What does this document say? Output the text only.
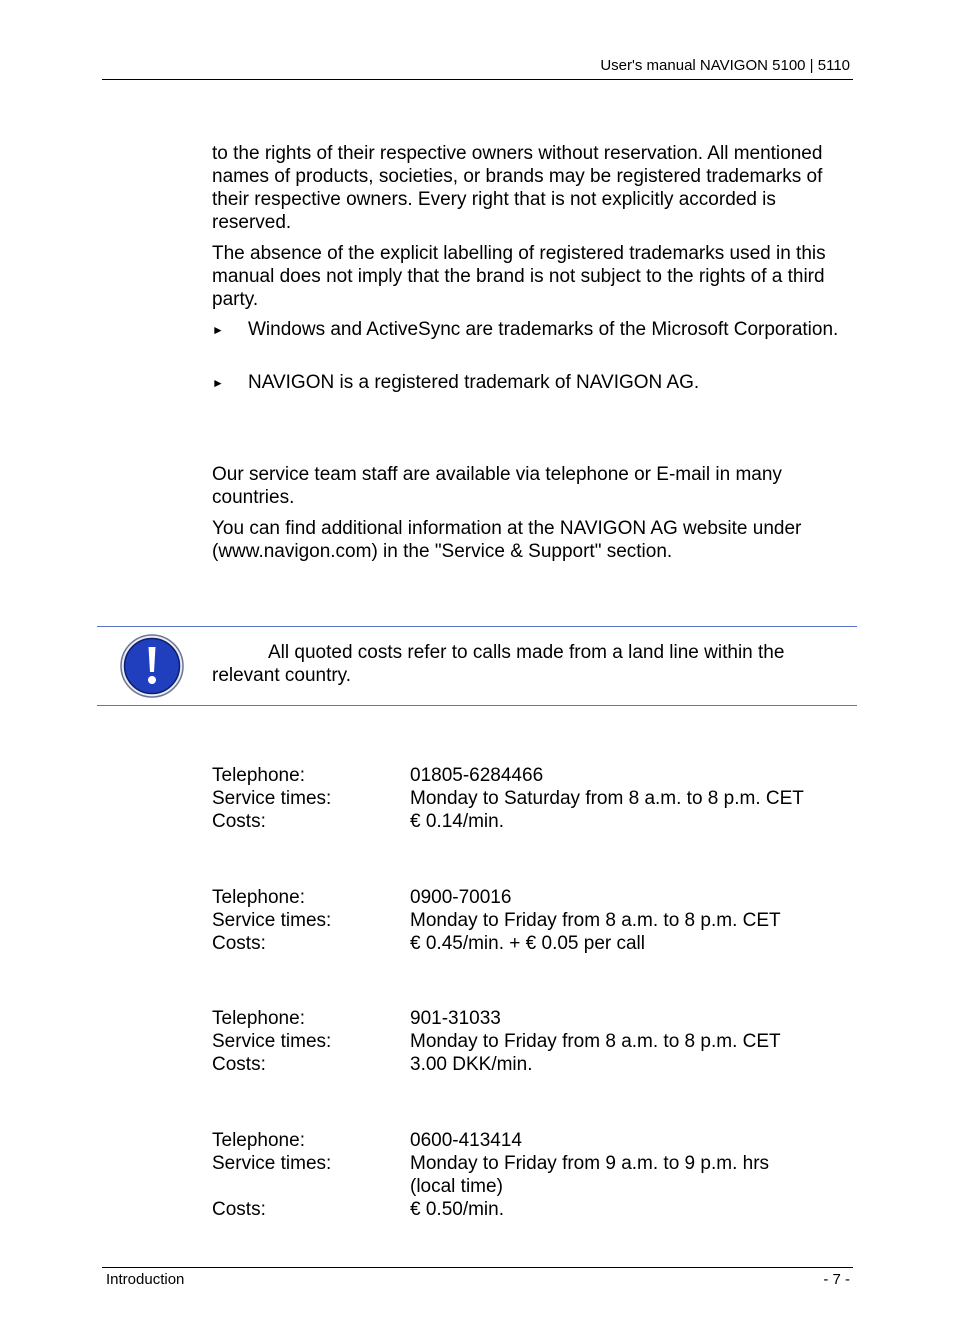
User's manual NAVIGON 5100 | 5110

to the rights of their respective owners without reservation. All mentioned names of products, societies, or brands may be registered trademarks of their respective owners. Every right that is not explicitly accorded is reserved.

The absence of the explicit labelling of registered trademarks used in this manual does not imply that the brand is not subject to the rights of a third party.

► Windows and ActiveSync are trademarks of the Microsoft Corporation.
► NAVIGON is a registered trademark of NAVIGON AG.

Our service team staff are available via telephone or E-mail in many countries.

You can find additional information at the NAVIGON AG website under (www.navigon.com) in the "Service & Support" section.

All quoted costs refer to calls made from a land line within the relevant country.
Telephone:	01805-6284466
Service times:	Monday to Saturday from 8 a.m. to 8 p.m. CET
Costs:	€ 0.14/min.
Telephone:	0900-70016
Service times:	Monday to Friday from 8 a.m. to 8 p.m. CET
Costs:	€ 0.45/min. + € 0.05 per call
Telephone:	901-31033
Service times:	Monday to Friday from 8 a.m. to 8 p.m. CET
Costs:	3.00 DKK/min.
Telephone:	0600-413414
Service times:	Monday to Friday from 9 a.m. to 9 p.m. hrs (local time)
Costs:	€ 0.50/min.
Introduction	- 7 -
